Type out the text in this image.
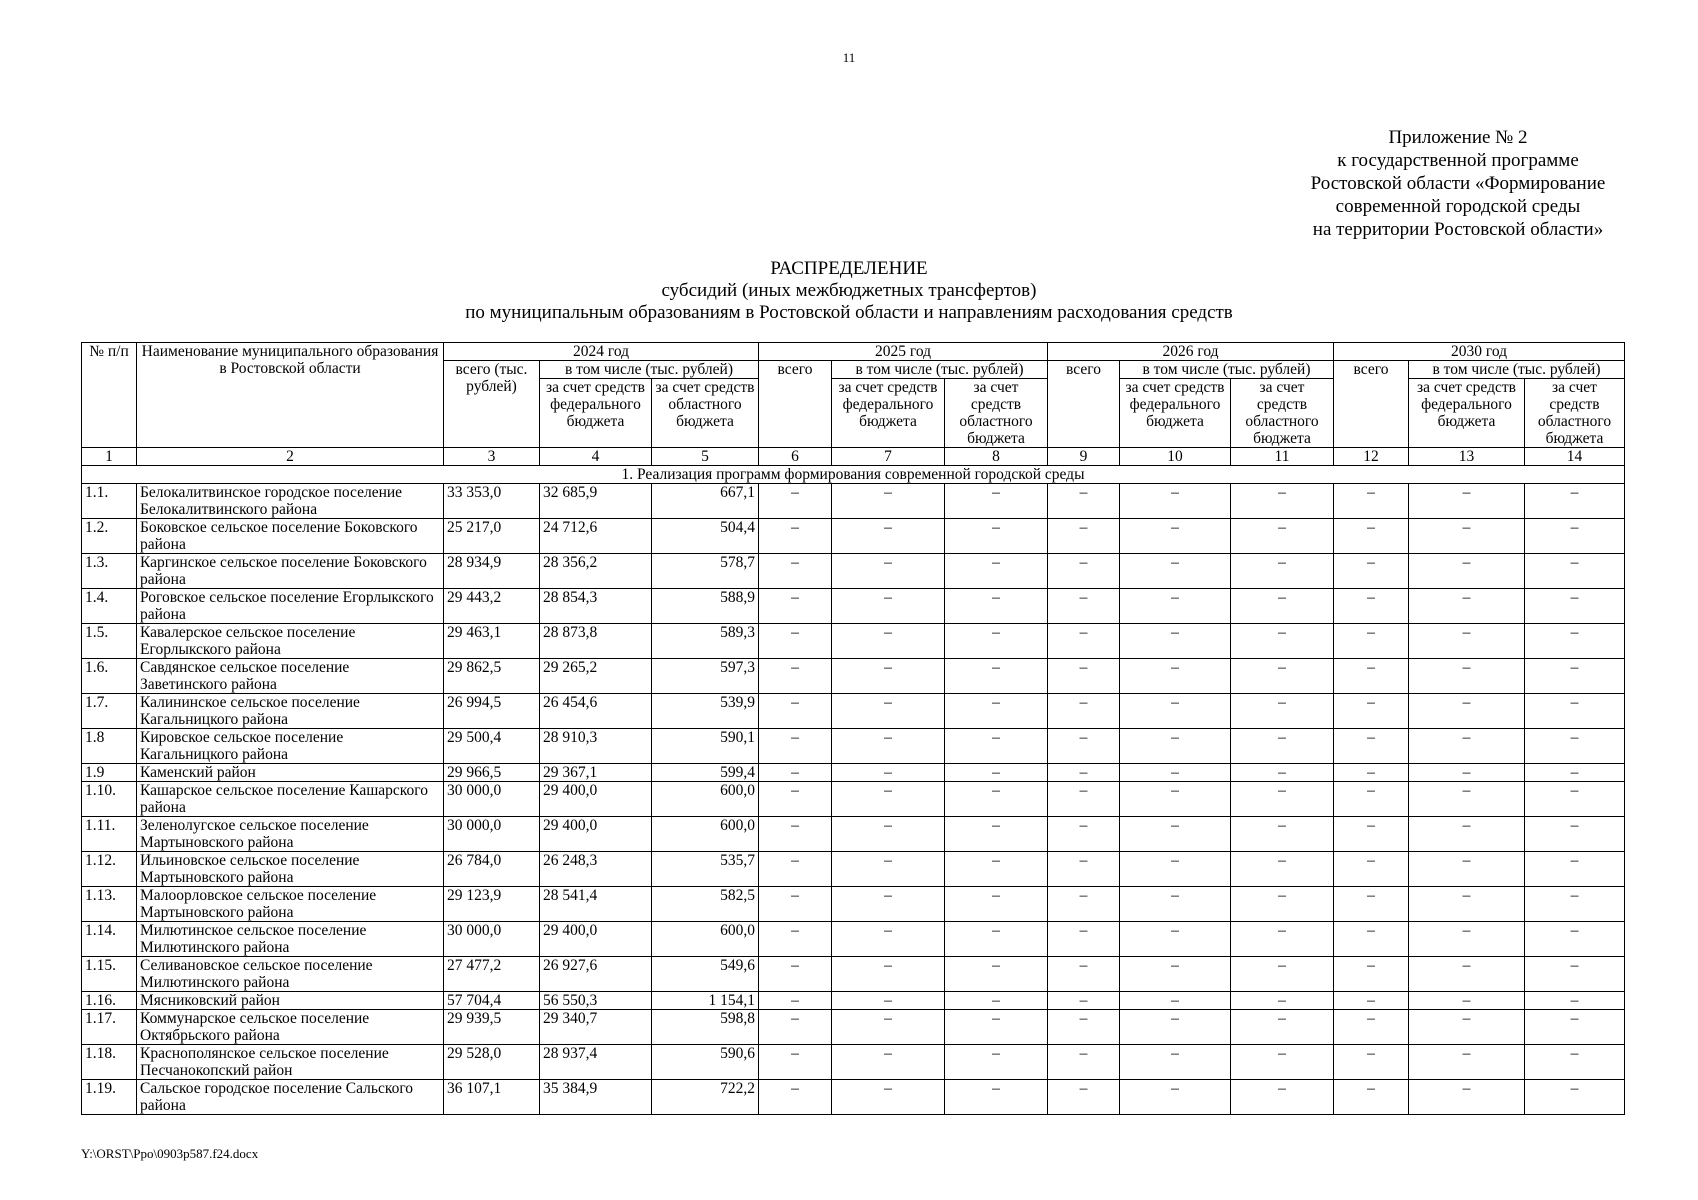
11
Приложение № 2
к государственной программе
Ростовской области «Формирование
современной городской среды
на территории Ростовской области»
РАСПРЕДЕЛЕНИЕ
субсидий (иных межбюджетных трансфертов)
по муниципальным образованиям в Ростовской области и направлениям расходования средств
№ п/п	Наименование муниципального образования в Ростовской области	2024 год			2025 год			2026 год			2030 год		
		всего (тыс. рублей)	в том числе (тыс. рублей)		всего	в том числе (тыс. рублей)		всего	в том числе (тыс. рублей)		всего	в том числе (тыс. рублей)	
			за счет средств федерального бюджета	за счет средств областного бюджета		за счет средств федерального бюджета	за счет средств областного бюджета		за счет средств федерального бюджета	за счет средств областного бюджета		за счет средств федерального бюджета	за счет средств областного бюджета
1	2	3	4	5	6	7	8	9	10	11	12	13	14
1. Реализация программ формирования современной городской среды													
1.1.	Белокалитвинское городское поселение Белокалитвинского района	33 353,0	32 685,9	667,1	–	–	–	–	–	–	–	–	–
1.2.	Боковское сельское поселение Боковского района	25 217,0	24 712,6	504,4	–	–	–	–	–	–	–	–	–
1.3.	Каргинское сельское поселение Боковского района	28 934,9	28 356,2	578,7	–	–	–	–	–	–	–	–	–
1.4.	Роговское сельское поселение Егорлыкского района	29 443,2	28 854,3	588,9	–	–	–	–	–	–	–	–	–
1.5.	Кавалерское сельское поселение Егорлыкского района	29 463,1	28 873,8	589,3	–	–	–	–	–	–	–	–	–
1.6.	Савдянское сельское поселение Заветинского района	29 862,5	29 265,2	597,3	–	–	–	–	–	–	–	–	–
1.7.	Калининское сельское поселение Кагальницкого района	26 994,5	26 454,6	539,9	–	–	–	–	–	–	–	–	–
1.8	Кировское сельское поселение Кагальницкого района	29 500,4	28 910,3	590,1	–	–	–	–	–	–	–	–	–
1.9	Каменский район	29 966,5	29 367,1	599,4	–	–	–	–	–	–	–	–	–
1.10.	Кашарское сельское поселение Кашарского района	30 000,0	29 400,0	600,0	–	–	–	–	–	–	–	–	–
1.11.	Зеленолугское сельское поселение Мартыновского района	30 000,0	29 400,0	600,0	–	–	–	–	–	–	–	–	–
1.12.	Ильиновское сельское поселение Мартыновского района	26 784,0	26 248,3	535,7	–	–	–	–	–	–	–	–	–
1.13.	Малоорловское сельское поселение Мартыновского района	29 123,9	28 541,4	582,5	–	–	–	–	–	–	–	–	–
1.14.	Милютинское сельское поселение Милютинского района	30 000,0	29 400,0	600,0	–	–	–	–	–	–	–	–	–
1.15.	Селивановское сельское поселение Милютинского района	27 477,2	26 927,6	549,6	–	–	–	–	–	–	–	–	–
1.16.	Мясниковский район	57 704,4	56 550,3	1 154,1	–	–	–	–	–	–	–	–	–
1.17.	Коммунарское сельское поселение Октябрьского района	29 939,5	29 340,7	598,8	–	–	–	–	–	–	–	–	–
1.18.	Краснополянское сельское поселение Песчанокопский район	29 528,0	28 937,4	590,6	–	–	–	–	–	–	–	–	–
1.19.	Сальское городское поселение Сальского района	36 107,1	35 384,9	722,2	–	–	–	–	–	–	–	–	–
Y:\ORST\Ppo\0903p587.f24.docx
